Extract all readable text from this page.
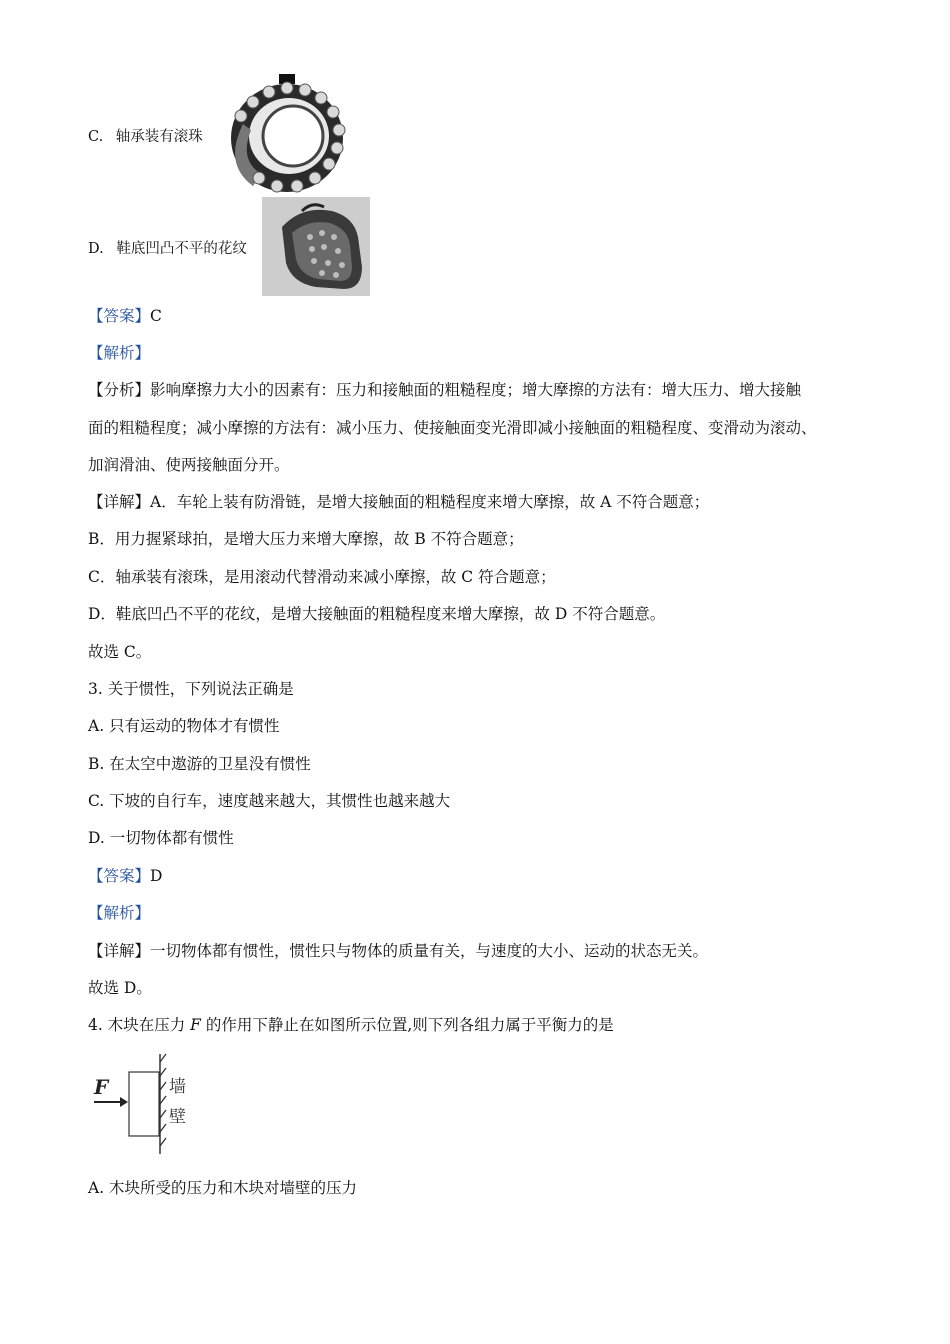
C. 轴承装有滚珠
D. 鞋底凹凸不平的花纹
【答案】C
【解析】
【分析】影响摩擦力大小的因素有：压力和接触面的粗糙程度；增大摩擦的方法有：增大压力、增大接触
面的粗糙程度；减小摩擦的方法有：减小压力、使接触面变光滑即减小接触面的粗糙程度、变滑动为滚动、
加润滑油、使两接触面分开。
【详解】A．车轮上装有防滑链，是增大接触面的粗糙程度来增大摩擦，故 A 不符合题意；
B．用力握紧球拍，是增大压力来增大摩擦，故 B 不符合题意；
C．轴承装有滚珠，是用滚动代替滑动来减小摩擦，故 C 符合题意；
D．鞋底凹凸不平的花纹，是增大接触面的粗糙程度来增大摩擦，故 D 不符合题意。
故选 C。
3. 关于惯性，下列说法正确是
A. 只有运动的物体才有惯性
B. 在太空中遨游的卫星没有惯性
C. 下坡的自行车，速度越来越大，其惯性也越来越大
D. 一切物体都有惯性
【答案】D
【解析】
【详解】一切物体都有惯性，惯性只与物体的质量有关，与速度的大小、运动的状态无关。
故选 D。
4. 木块在压力 F 的作用下静止在如图所示位置,则下列各组力属于平衡力的是
F	墙
壁
A. 木块所受的压力和木块对墙壁的压力
